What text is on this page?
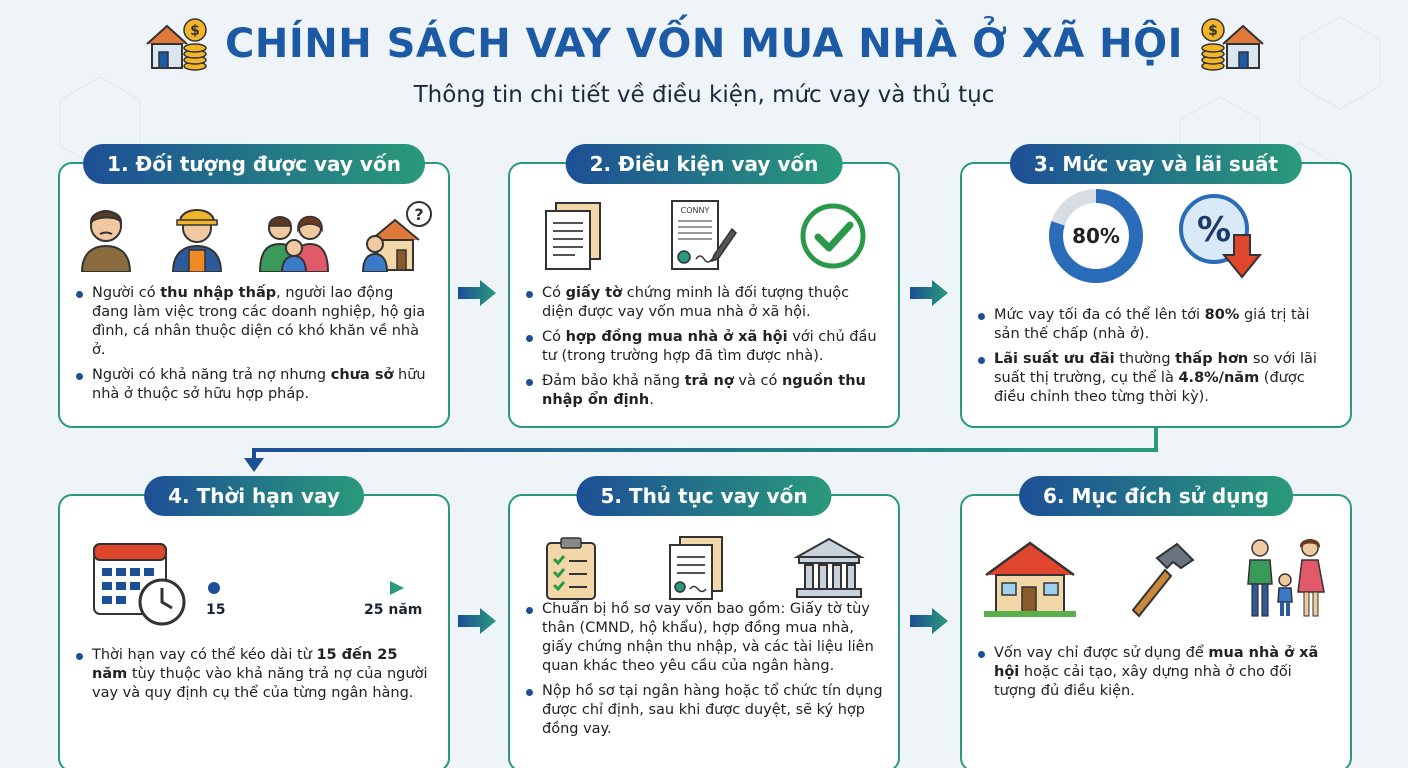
$ CHÍNH SÁCH VAY VỐN MUA NHÀ Ở XÃ HỘI $
Thông tin chi tiết về điều kiện, mức vay và thủ tục
1. Đối tượng được vay vốn
?
Người có thu nhập thấp, người lao động đang làm việc trong các doanh nghiệp, hộ gia đình, cá nhân thuộc diện có khó khăn về nhà ở.
Người có khả năng trả nợ nhưng chưa sở hữu nhà ở thuộc sở hữu hợp pháp.
2. Điều kiện vay vốn
CONNY
Có giấy tờ chứng minh là đối tượng thuộc diện được vay vốn mua nhà ở xã hội.
Có hợp đồng mua nhà ở xã hội với chủ đầu tư (trong trường hợp đã tìm được nhà).
Đảm bảo khả năng trả nợ và có nguồn thu nhập ổn định.
3. Mức vay và lãi suất
80% %
Mức vay tối đa có thể lên tới 80% giá trị tài sản thế chấp (nhà ở).
Lãi suất ưu đãi thường thấp hơn so với lãi suất thị trường, cụ thể là 4.8%/năm (được điều chỉnh theo từng thời kỳ).
4. Thời hạn vay
15	25 năm
Thời hạn vay có thể kéo dài từ 15 đến 25 năm tùy thuộc vào khả năng trả nợ của người vay và quy định cụ thể của từng ngân hàng.
5. Thủ tục vay vốn
Chuẩn bị hồ sơ vay vốn bao gồm: Giấy tờ tùy thân (CMND, hộ khẩu), hợp đồng mua nhà, giấy chứng nhận thu nhập, và các tài liệu liên quan khác theo yêu cầu của ngân hàng.
Nộp hồ sơ tại ngân hàng hoặc tổ chức tín dụng được chỉ định, sau khi được duyệt, sẽ ký hợp đồng vay.
6. Mục đích sử dụng
Vốn vay chỉ được sử dụng để mua nhà ở xã hội hoặc cải tạo, xây dựng nhà ở cho đối tượng đủ điều kiện.
